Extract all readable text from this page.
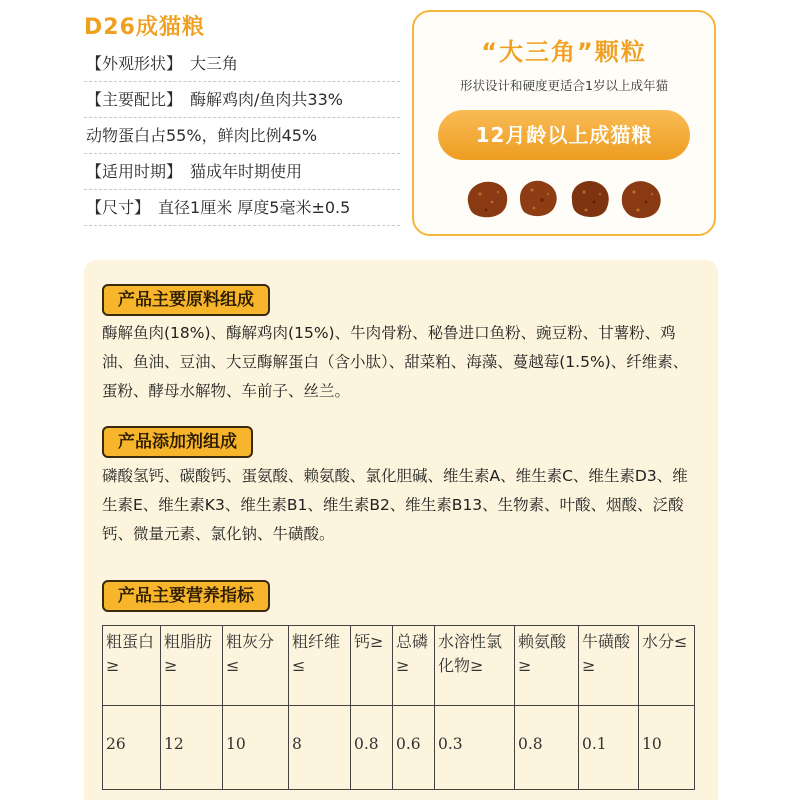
D26成猫粮
【外观形状】 大三角
【主要配比】 酶解鸡肉/鱼肉共33%
动物蛋白占55%，鲜肉比例45%
【适用时期】 猫成年时期使用
【尺寸】 直径1厘米 厚度5毫米±0.5
“大三角”颗粒
形状设计和硬度更适合1岁以上成年猫
12月龄以上成猫粮
产品主要原料组成
酶解鱼肉(18%)、酶解鸡肉(15%)、牛肉骨粉、秘鲁进口鱼粉、豌豆粉、甘薯粉、鸡油、鱼油、豆油、大豆酶解蛋白（含小肽）、甜菜粕、海藻、蔓越莓(1.5%)、纤维素、蛋粉、酵母水解物、车前子、丝兰。
产品添加剂组成
磷酸氢钙、碳酸钙、蛋氨酸、赖氨酸、氯化胆碱、维生素A、维生素C、维生素D3、维生素E、维生素K3、维生素B1、维生素B2、维生素B13、生物素、叶酸、烟酸、泛酸钙、微量元素、氯化钠、牛磺酸。
产品主要营养指标
粗蛋白≥	粗脂肪≥	粗灰分≤	粗纤维≤	钙≥	总磷≥	水溶性氯化物≥	赖氨酸≥	牛磺酸≥	水分≤

26	12	10	8	0.8	0.6	0.3	0.8	0.1	10
